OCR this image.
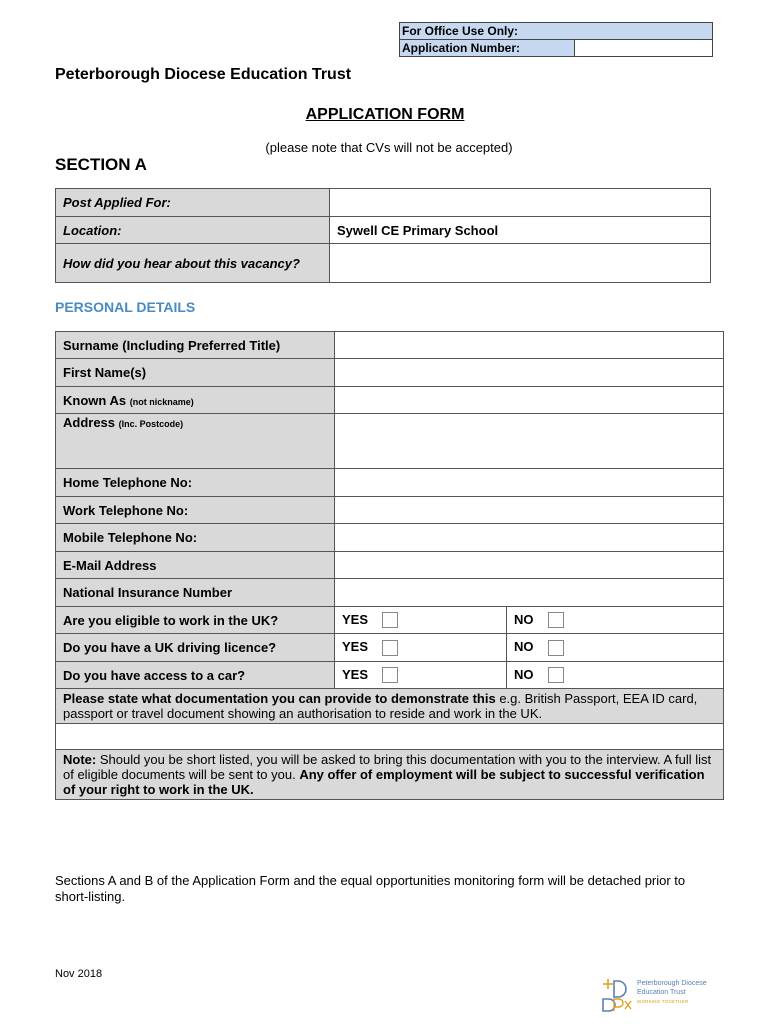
For Office Use Only:
Application Number:	
Peterborough Diocese Education Trust
APPLICATION FORM
(please note that CVs will not be accepted)
SECTION A
Post Applied For:	
Location:	Sywell CE Primary School
How did you hear about this vacancy?	
PERSONAL DETAILS
Surname (Including Preferred Title)		
First Name(s)		
Known As (not nickname)		
Address (Inc. Postcode)		
Home Telephone No:		
Work Telephone No:		
Mobile Telephone No:		
E-Mail Address		
National Insurance Number		
Are you eligible to work in the UK?	YES	NO
Do you have a UK driving licence?	YES	NO
Do you have access to a car?	YES	NO
Please state what documentation you can provide to demonstrate this e.g. British Passport, EEA ID card, passport or travel document showing an authorisation to reside and work in the UK.		

Note: Should you be short listed, you will be asked to bring this documentation with you to the interview. A full list of eligible documents will be sent to you. Any offer of employment will be subject to successful verification of your right to work in the UK.		
Sections A and B of the Application Form and the equal opportunities monitoring form will be detached prior to short-listing.
Nov 2018
Peterborough Diocese
Education Trust
WORKING TOGETHER
